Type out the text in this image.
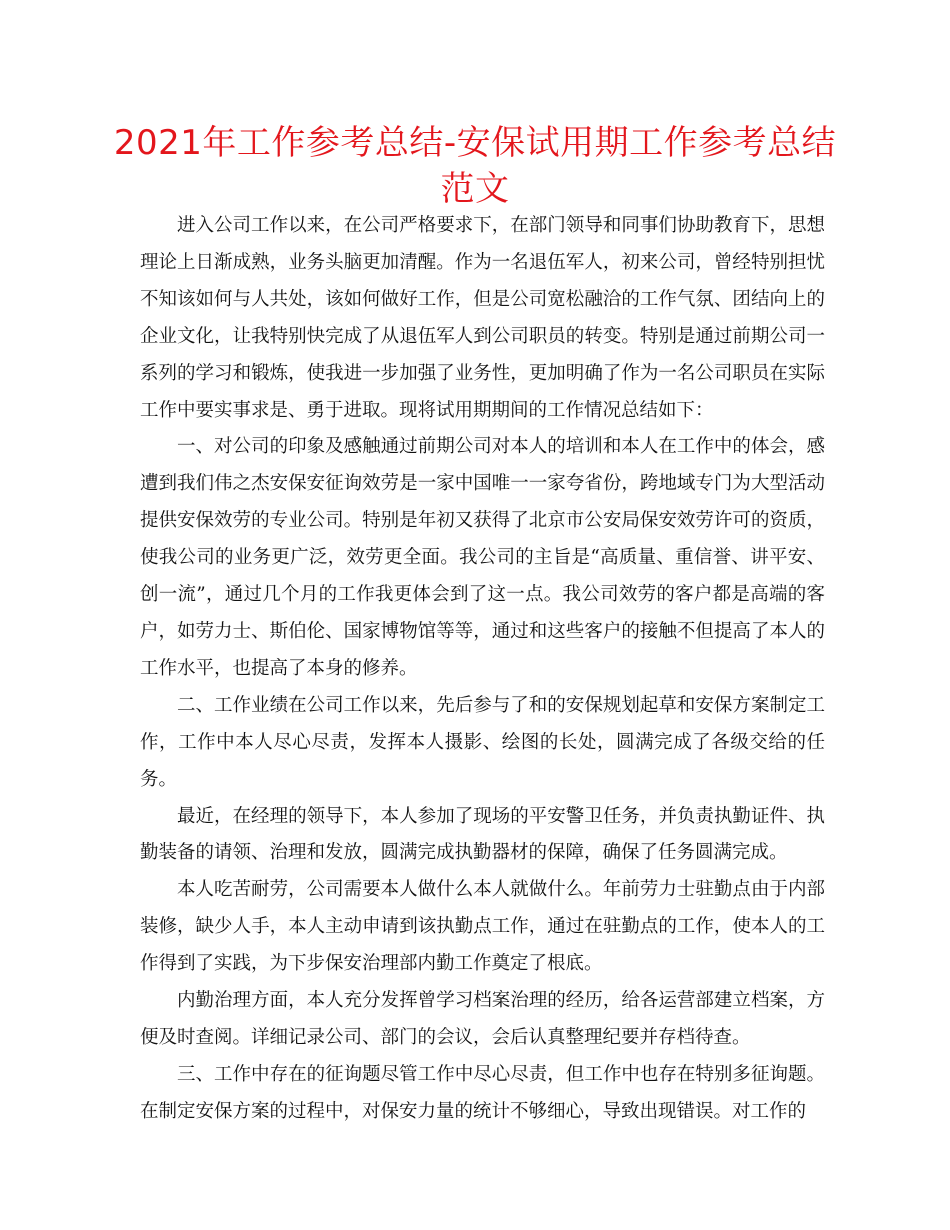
2021年工作参考总结-安保试用期工作参考总结
范文

进入公司工作以来，在公司严格要求下，在部门领导和同事们协助教育下，思想理论上日渐成熟，业务头脑更加清醒。作为一名退伍军人，初来公司，曾经特别担忧不知该如何与人共处，该如何做好工作，但是公司宽松融洽的工作气氛、团结向上的企业文化，让我特别快完成了从退伍军人到公司职员的转变。特别是通过前期公司一系列的学习和锻炼，使我进一步加强了业务性，更加明确了作为一名公司职员在实际工作中要实事求是、勇于进取。现将试用期期间的工作情况总结如下：

一、对公司的印象及感触通过前期公司对本人的培训和本人在工作中的体会，感遭到我们伟之杰安保安征询效劳是一家中国唯一一家夸省份，跨地域专门为大型活动提供安保效劳的专业公司。特别是年初又获得了北京市公安局保安效劳许可的资质，使我公司的业务更广泛，效劳更全面。我公司的主旨是“高质量、重信誉、讲平安、创一流”，通过几个月的工作我更体会到了这一点。我公司效劳的客户都是高端的客户，如劳力士、斯伯伦、国家博物馆等等，通过和这些客户的接触不但提高了本人的工作水平，也提高了本身的修养。

二、工作业绩在公司工作以来，先后参与了和的安保规划起草和安保方案制定工作，工作中本人尽心尽责，发挥本人摄影、绘图的长处，圆满完成了各级交给的任务。

最近，在经理的领导下，本人参加了现场的平安警卫任务，并负责执勤证件、执勤装备的请领、治理和发放，圆满完成执勤器材的保障，确保了任务圆满完成。

本人吃苦耐劳，公司需要本人做什么本人就做什么。年前劳力士驻勤点由于内部装修，缺少人手，本人主动申请到该执勤点工作，通过在驻勤点的工作，使本人的工作得到了实践，为下步保安治理部内勤工作奠定了根底。

内勤治理方面，本人充分发挥曾学习档案治理的经历，给各运营部建立档案，方便及时查阅。详细记录公司、部门的会议，会后认真整理纪要并存档待查。

三、工作中存在的征询题尽管工作中尽心尽责，但工作中也存在特别多征询题。在制定安保方案的过程中，对保安力量的统计不够细心，导致出现错误。对工作的
